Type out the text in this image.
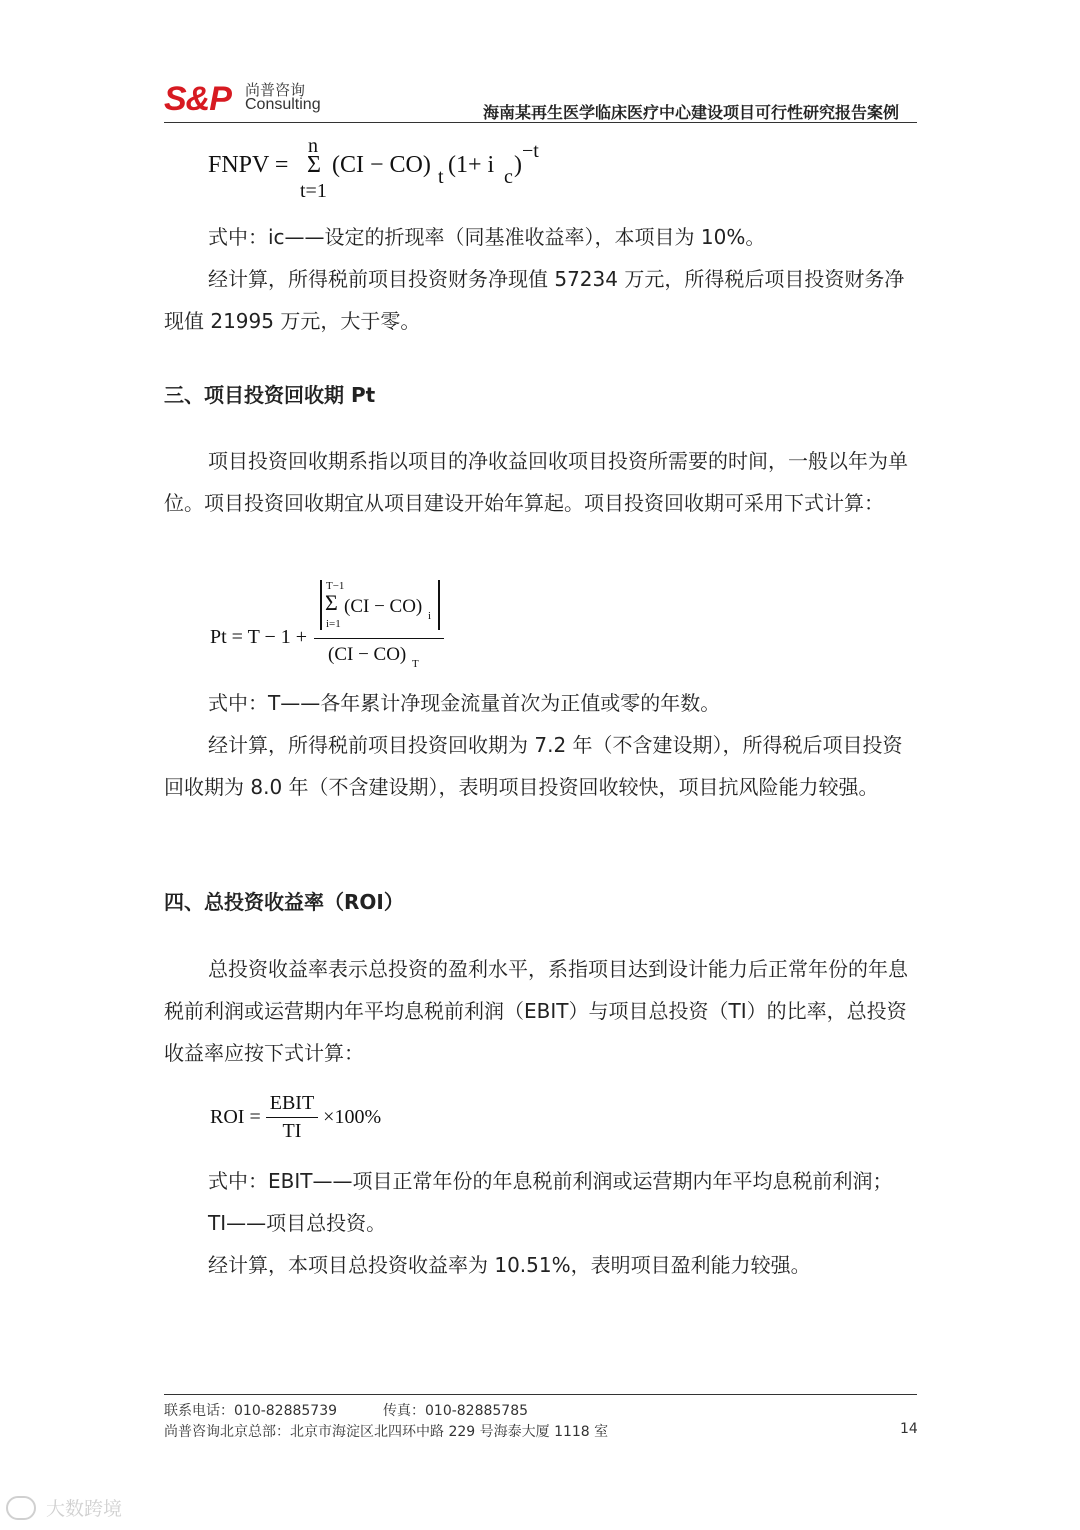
S&P 尚普咨询
Consulting	海南某再生医学临床医疗中心建设项目可行性研究报告案例
FNPV =
n
Σ
t=1
(CI − CO) t (1+ i c )
−t

式中：ic——设定的折现率（同基准收益率），本项目为 10%。

经计算，所得税前项目投资财务净现值 57234 万元，所得税后项目投资财务净现值 21995 万元，大于零。

三、项目投资回收期 Pt

项目投资回收期系指以项目的净收益回收项目投资所需要的时间，一般以年为单位。项目投资回收期宜从项目建设开始年算起。项目投资回收期可采用下式计算：

Pt = T − 1 +
T−1
Σ
i=1
(CI − CO) i
(CI − CO) T

式中：T——各年累计净现金流量首次为正值或零的年数。

经计算，所得税前项目投资回收期为 7.2 年（不含建设期），所得税后项目投资回收期为 8.0 年（不含建设期），表明项目投资回收较快，项目抗风险能力较强。

四、总投资收益率（ROI）

总投资收益率表示总投资的盈利水平，系指项目达到设计能力后正常年份的年息税前利润或运营期内年平均息税前利润（EBIT）与项目总投资（TI）的比率，总投资收益率应按下式计算：

ROI = $\frac{\text{EBIT}}{TI} \times 100\%$

式中：EBIT——项目正常年份的年息税前利润或运营期内年平均息税前利润；

TI——项目总投资。

经计算，本项目总投资收益率为 10.51%，表明项目盈利能力较强。

联系电话：010-82885739	传真：010-82885785
尚普咨询北京总部：北京市海淀区北四环中路 229 号海泰大厦 1118 室	14
大数跨境
